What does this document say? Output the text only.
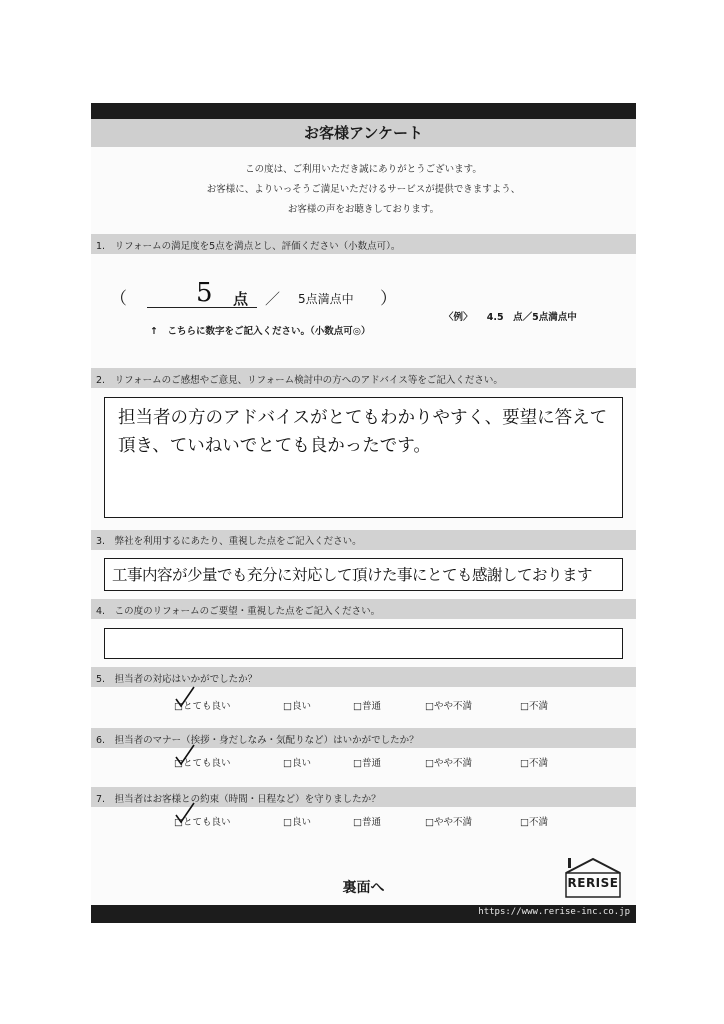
お客様アンケート
この度は、ご利用いただき誠にありがとうございます。
お客様に、よりいっそうご満足いただけるサービスが提供できますよう、
お客様の声をお聴きしております。
1.　リフォームの満足度を5点を満点とし、評価ください（小数点可）。
（	5 点 ／ 5点満点中 ）
↑　こちらに数字をご記入ください。（小数点可◎）
〈例〉　　4.5　点／5点満点中
2.　リフォームのご感想やご意見、リフォーム検討中の方へのアドバイス等をご記入ください。
担当者の方のアドバイスがとてもわかりやすく、要望に答えて
頂き、ていねいでとても良かったです。
3.　弊社を利用するにあたり、重視した点をご記入ください。
工事内容が少量でも充分に対応して頂けた事にとても感謝しております
4.　この度のリフォームのご要望・重視した点をご記入ください。
5.　担当者の対応はいかがでしたか？
□とても良い	□良い	□普通	□やや不満	□不満
6.　担当者のマナー（挨拶・身だしなみ・気配りなど）はいかがでしたか？
□とても良い	□良い	□普通	□やや不満	□不満
7.　担当者はお客様との約束（時間・日程など）を守りましたか？
□とても良い	□良い	□普通	□やや不満	□不満
裏面へ	RERISE
https://www.rerise-inc.co.jp
